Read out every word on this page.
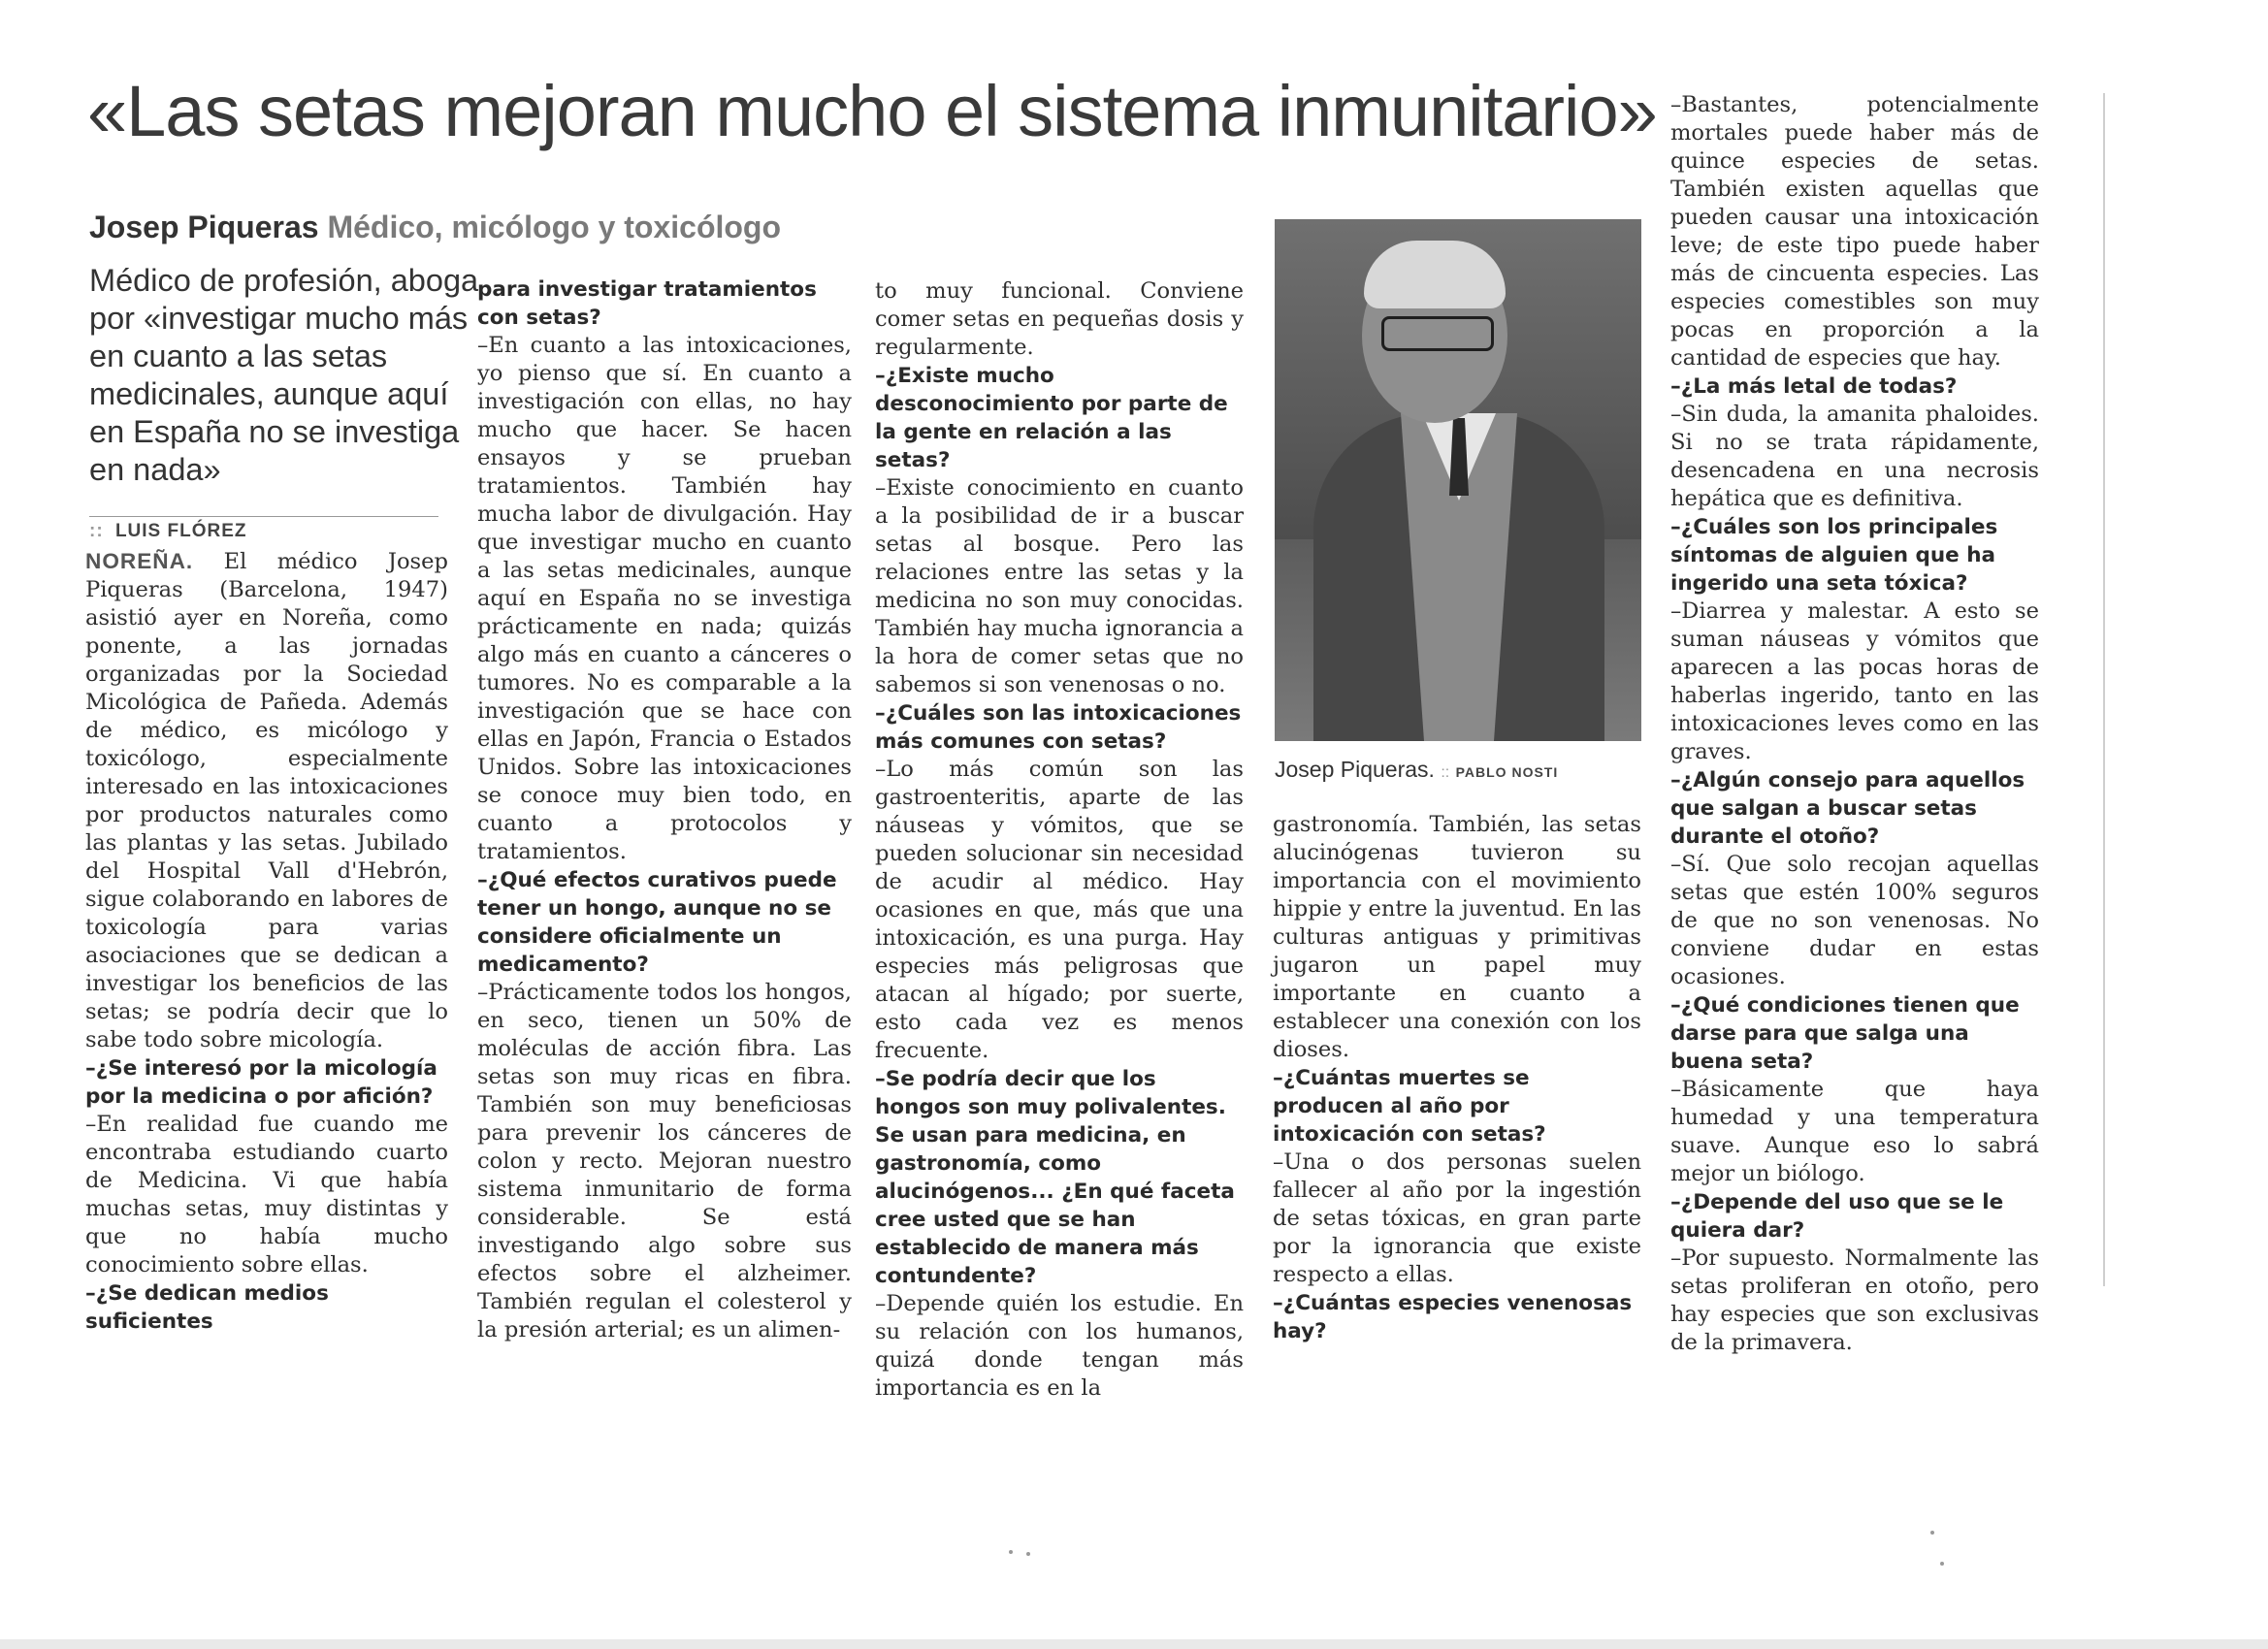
«Las setas mejoran mucho el sistema inmunitario»
Josep Piqueras Médico, micólogo y toxicólogo
Médico de profesión, aboga por «investigar mucho más en cuanto a las setas medicinales, aunque aquí en España no se investiga en nada»
:: LUIS FLÓREZ

NOREÑA. El médico Josep Piqueras (Barcelona, 1947) asistió ayer en Noreña, como ponente, a las jornadas organizadas por la Sociedad Micológica de Pañeda. Además de médico, es micólogo y toxicólogo, especialmente interesado en las intoxicaciones por productos naturales como las plantas y las setas. Jubilado del Hospital Vall d'Hebrón, sigue colaborando en labores de toxicología para varias asociaciones que se dedican a investigar los beneficios de las setas; se podría decir que lo sabe todo sobre micología.

–¿Se interesó por la micología por la medicina o por afición?

–En realidad fue cuando me encontraba estudiando cuarto de Medicina. Vi que había muchas setas, muy distintas y que no había mucho conocimiento sobre ellas.

–¿Se dedican medios suficientes

para investigar tratamientos con setas?

–En cuanto a las intoxicaciones, yo pienso que sí. En cuanto a investigación con ellas, no hay mucho que hacer. Se hacen ensayos y se prueban tratamientos. También hay mucha labor de divulgación. Hay que investigar mucho en cuanto a las setas medicinales, aunque aquí en España no se investiga prácticamente en nada; quizás algo más en cuanto a cánceres o tumores. No es comparable a la investigación que se hace con ellas en Japón, Francia o Estados Unidos. Sobre las intoxicaciones se conoce muy bien todo, en cuanto a protocolos y tratamientos.

–¿Qué efectos curativos puede tener un hongo, aunque no se considere oficialmente un medicamento?

–Prácticamente todos los hongos, en seco, tienen un 50% de moléculas de acción fibra. Las setas son muy ricas en fibra. También son muy beneficiosas para prevenir los cánceres de colon y recto. Mejoran nuestro sistema inmunitario de forma considerable. Se está investigando algo sobre sus efectos sobre el alzheimer. También regulan el colesterol y la presión arterial; es un alimen-

to muy funcional. Conviene comer setas en pequeñas dosis y regularmente.

–¿Existe mucho desconocimiento por parte de la gente en relación a las setas?

–Existe conocimiento en cuanto a la posibilidad de ir a buscar setas al bosque. Pero las relaciones entre las setas y la medicina no son muy conocidas. También hay mucha ignorancia a la hora de comer setas que no sabemos si son venenosas o no.

–¿Cuáles son las intoxicaciones más comunes con setas?

–Lo más común son las gastroenteritis, aparte de las náuseas y vómitos, que se pueden solucionar sin necesidad de acudir al médico. Hay ocasiones en que, más que una intoxicación, es una purga. Hay especies más peligrosas que atacan al hígado; por suerte, esto cada vez es menos frecuente.

–Se podría decir que los hongos son muy polivalentes. Se usan para medicina, en gastronomía, como alucinógenos... ¿En qué faceta cree usted que se han establecido de manera más contundente?

–Depende quién los estudie. En su relación con los humanos, quizá donde tengan más importancia es en la

gastronomía. También, las setas alucinógenas tuvieron su importancia con el movimiento hippie y entre la juventud. En las culturas antiguas y primitivas jugaron un papel muy importante en cuanto a establecer una conexión con los dioses.

–¿Cuántas muertes se producen al año por intoxicación con setas?

–Una o dos personas suelen fallecer al año por la ingestión de setas tóxicas, en gran parte por la ignorancia que existe respecto a ellas.

–¿Cuántas especies venenosas hay?

–Bastantes, potencialmente mortales puede haber más de quince especies de setas. También existen aquellas que pueden causar una intoxicación leve; de este tipo puede haber más de cincuenta especies. Las especies comestibles son muy pocas en proporción a la cantidad de especies que hay.

–¿La más letal de todas?

–Sin duda, la amanita phaloides. Si no se trata rápidamente, desencadena en una necrosis hepática que es definitiva.

–¿Cuáles son los principales síntomas de alguien que ha ingerido una seta tóxica?

–Diarrea y malestar. A esto se suman náuseas y vómitos que aparecen a las pocas horas de haberlas ingerido, tanto en las intoxicaciones leves como en las graves.

–¿Algún consejo para aquellos que salgan a buscar setas durante el otoño?

–Sí. Que solo recojan aquellas setas que estén 100% seguros de que no son venenosas. No conviene dudar en estas ocasiones.

–¿Qué condiciones tienen que darse para que salga una buena seta?

–Básicamente que haya humedad y una temperatura suave. Aunque eso lo sabrá mejor un biólogo.

–¿Depende del uso que se le quiera dar?

–Por supuesto. Normalmente las setas proliferan en otoño, pero hay especies que son exclusivas de la primavera.

Josep Piqueras. :: PABLO NOSTI
